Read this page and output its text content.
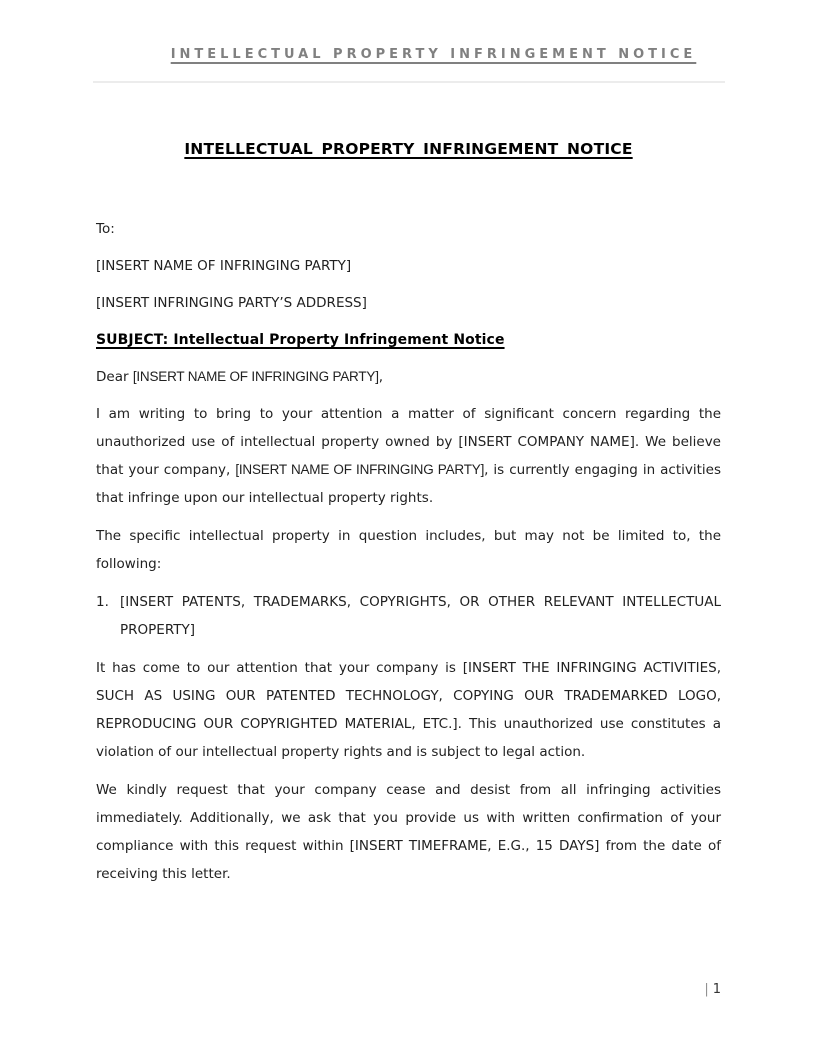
INTELLECTUAL PROPERTY INFRINGEMENT NOTICE
INTELLECTUAL PROPERTY INFRINGEMENT NOTICE

To:

[INSERT NAME OF INFRINGING PARTY]

[INSERT INFRINGING PARTY’S ADDRESS]

SUBJECT: Intellectual Property Infringement Notice

Dear [INSERT NAME OF INFRINGING PARTY],

I am writing to bring to your attention a matter of significant concern regarding the unauthorized use of intellectual property owned by [INSERT COMPANY NAME]. We believe that your company, [INSERT NAME OF INFRINGING PARTY], is currently engaging in activities that infringe upon our intellectual property rights.

The specific intellectual property in question includes, but may not be limited to, the following:

1. [INSERT PATENTS, TRADEMARKS, COPYRIGHTS, OR OTHER RELEVANT INTELLECTUAL PROPERTY]

It has come to our attention that your company is [INSERT THE INFRINGING ACTIVITIES, SUCH AS USING OUR PATENTED TECHNOLOGY, COPYING OUR TRADEMARKED LOGO, REPRODUCING OUR COPYRIGHTED MATERIAL, ETC.]. This unauthorized use constitutes a violation of our intellectual property rights and is subject to legal action.

We kindly request that your company cease and desist from all infringing activities immediately. Additionally, we ask that you provide us with written confirmation of your compliance with this request within [INSERT TIMEFRAME, E.G., 15 DAYS] from the date of receiving this letter.

| 1
